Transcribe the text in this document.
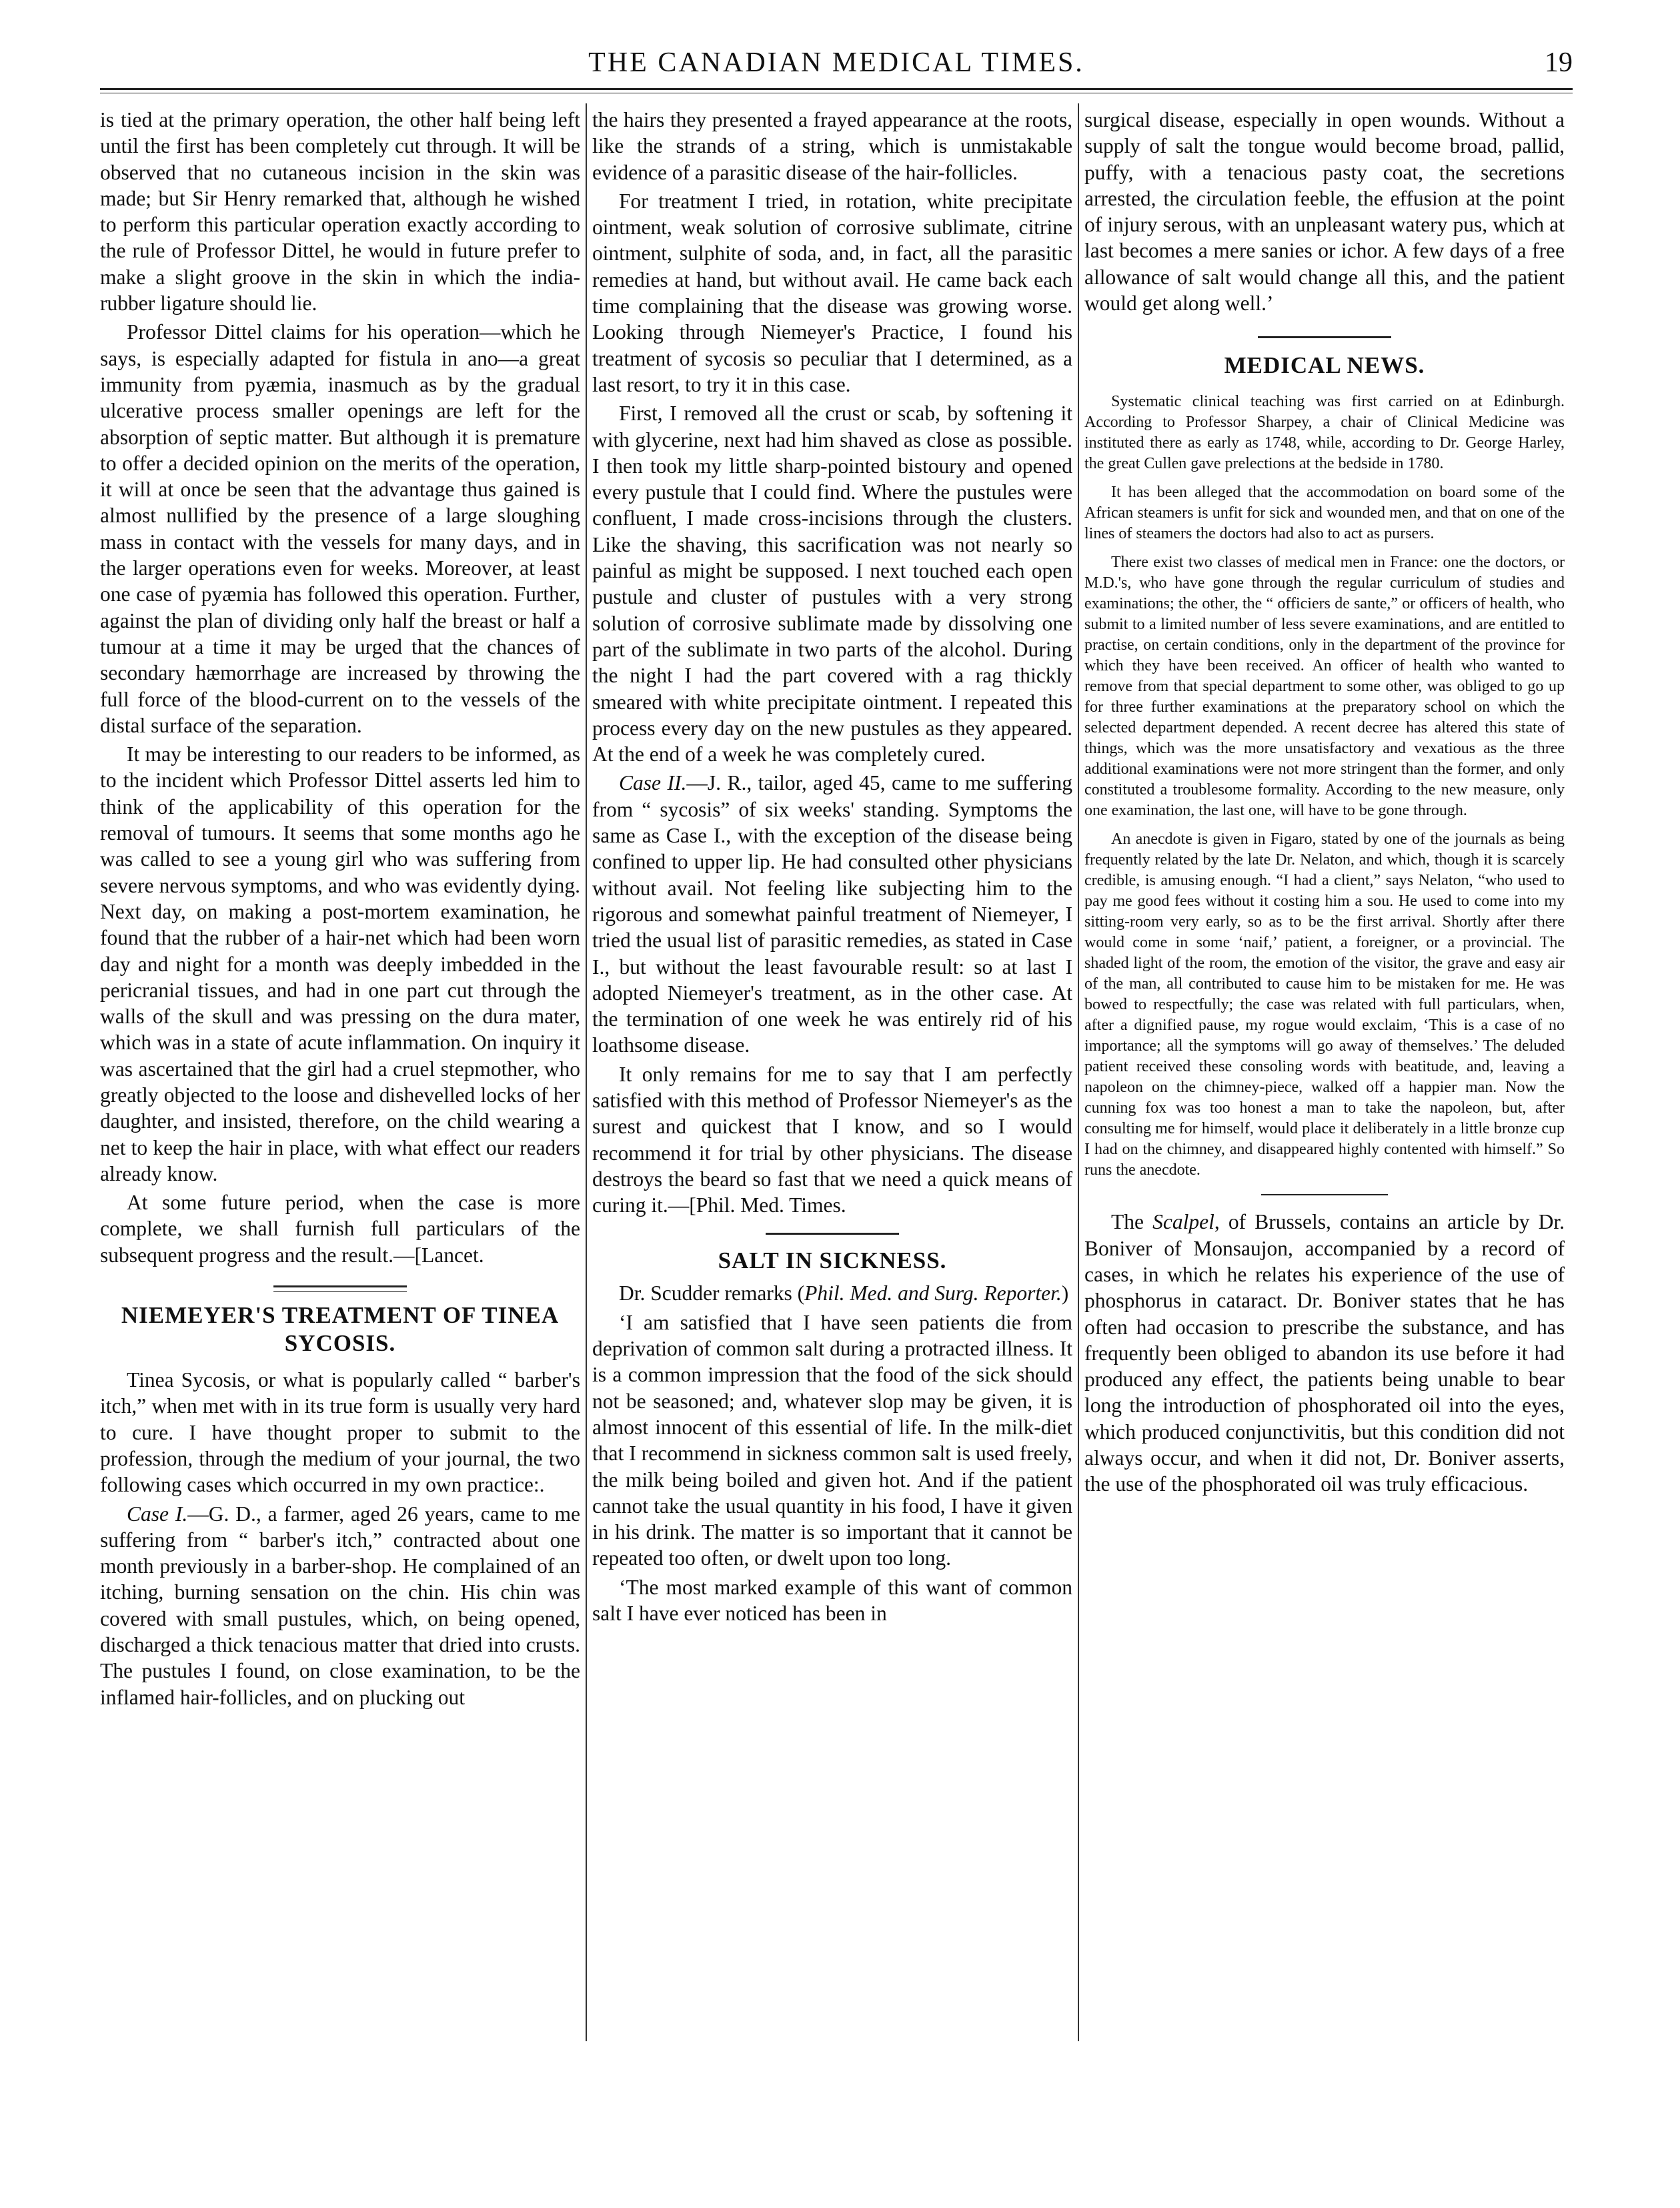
THE CANADIAN MEDICAL TIMES.	19

is tied at the primary operation, the other half being left until the first has been completely cut through. It will be observed that no cutaneous incision in the skin was made; but Sir Henry remarked that, although he wished to perform this particular operation exactly according to the rule of Professor Dittel, he would in future prefer to make a slight groove in the skin in which the india-rubber ligature should lie.

Professor Dittel claims for his operation—which he says, is especially adapted for fistula in ano—a great immunity from pyæmia, inasmuch as by the gradual ulcerative process smaller openings are left for the absorption of septic matter. But although it is premature to offer a decided opinion on the merits of the operation, it will at once be seen that the advantage thus gained is almost nullified by the presence of a large sloughing mass in contact with the vessels for many days, and in the larger operations even for weeks. Moreover, at least one case of pyæmia has followed this operation. Further, against the plan of dividing only half the breast or half a tumour at a time it may be urged that the chances of secondary hæmorrhage are increased by throwing the full force of the blood-current on to the vessels of the distal surface of the separation.

It may be interesting to our readers to be informed, as to the incident which Professor Dittel asserts led him to think of the applicability of this operation for the removal of tumours. It seems that some months ago he was called to see a young girl who was suffering from severe nervous symptoms, and who was evidently dying. Next day, on making a post-mortem examination, he found that the rubber of a hair-net which had been worn day and night for a month was deeply imbedded in the pericranial tissues, and had in one part cut through the walls of the skull and was pressing on the dura mater, which was in a state of acute inflammation. On inquiry it was ascertained that the girl had a cruel stepmother, who greatly objected to the loose and dishevelled locks of her daughter, and insisted, therefore, on the child wearing a net to keep the hair in place, with what effect our readers already know.

At some future period, when the case is more complete, we shall furnish full particulars of the subsequent progress and the result.—[Lancet.

NIEMEYER'S TREATMENT OF TINEA SYCOSIS.

Tinea Sycosis, or what is popularly called “ barber's itch,” when met with in its true form is usually very hard to cure. I have thought proper to submit to the profession, through the medium of your journal, the two following cases which occurred in my own practice:.

Case I.—G. D., a farmer, aged 26 years, came to me suffering from “ barber's itch,” contracted about one month previously in a barber-shop. He complained of an itching, burning sensation on the chin. His chin was covered with small pustules, which, on being opened, discharged a thick tenacious matter that dried into crusts. The pustules I found, on close examination, to be the inflamed hair-follicles, and on plucking out

the hairs they presented a frayed appearance at the roots, like the strands of a string, which is unmistakable evidence of a parasitic disease of the hair-follicles.

For treatment I tried, in rotation, white precipitate ointment, weak solution of corrosive sublimate, citrine ointment, sulphite of soda, and, in fact, all the parasitic remedies at hand, but without avail. He came back each time complaining that the disease was growing worse. Looking through Niemeyer's Practice, I found his treatment of sycosis so peculiar that I determined, as a last resort, to try it in this case.

First, I removed all the crust or scab, by softening it with glycerine, next had him shaved as close as possible. I then took my little sharp-pointed bistoury and opened every pustule that I could find. Where the pustules were confluent, I made cross-incisions through the clusters. Like the shaving, this sacrification was not nearly so painful as might be supposed. I next touched each open pustule and cluster of pustules with a very strong solution of corrosive sublimate made by dissolving one part of the sublimate in two parts of the alcohol. During the night I had the part covered with a rag thickly smeared with white precipitate ointment. I repeated this process every day on the new pustules as they appeared. At the end of a week he was completely cured.

Case II.—J. R., tailor, aged 45, came to me suffering from “ sycosis” of six weeks' standing. Symptoms the same as Case I., with the exception of the disease being confined to upper lip. He had consulted other physicians without avail. Not feeling like subjecting him to the rigorous and somewhat painful treatment of Niemeyer, I tried the usual list of parasitic remedies, as stated in Case I., but without the least favourable result: so at last I adopted Niemeyer's treatment, as in the other case. At the termination of one week he was entirely rid of his loathsome disease.

It only remains for me to say that I am perfectly satisfied with this method of Professor Niemeyer's as the surest and quickest that I know, and so I would recommend it for trial by other physicians. The disease destroys the beard so fast that we need a quick means of curing it.—[Phil. Med. Times.

SALT IN SICKNESS.

Dr. Scudder remarks (Phil. Med. and Surg. Reporter.)

‘I am satisfied that I have seen patients die from deprivation of common salt during a protracted illness. It is a common impression that the food of the sick should not be seasoned; and, whatever slop may be given, it is almost innocent of this essential of life. In the milk-diet that I recommend in sickness common salt is used freely, the milk being boiled and given hot. And if the patient cannot take the usual quantity in his food, I have it given in his drink. The matter is so important that it cannot be repeated too often, or dwelt upon too long.

‘The most marked example of this want of common salt I have ever noticed has been in

surgical disease, especially in open wounds. Without a supply of salt the tongue would become broad, pallid, puffy, with a tenacious pasty coat, the secretions arrested, the circulation feeble, the effusion at the point of injury serous, with an unpleasant watery pus, which at last becomes a mere sanies or ichor. A few days of a free allowance of salt would change all this, and the patient would get along well.’

MEDICAL NEWS.

Systematic clinical teaching was first carried on at Edinburgh. According to Professor Sharpey, a chair of Clinical Medicine was instituted there as early as 1748, while, according to Dr. George Harley, the great Cullen gave prelections at the bedside in 1780.

It has been alleged that the accommodation on board some of the African steamers is unfit for sick and wounded men, and that on one of the lines of steamers the doctors had also to act as pursers.

There exist two classes of medical men in France: one the doctors, or M.D.'s, who have gone through the regular curriculum of studies and examinations; the other, the “ officiers de sante,” or officers of health, who submit to a limited number of less severe examinations, and are entitled to practise, on certain conditions, only in the department of the province for which they have been received. An officer of health who wanted to remove from that special department to some other, was obliged to go up for three further examinations at the preparatory school on which the selected department depended. A recent decree has altered this state of things, which was the more unsatisfactory and vexatious as the three additional examinations were not more stringent than the former, and only constituted a troublesome formality. According to the new measure, only one examination, the last one, will have to be gone through.

An anecdote is given in Figaro, stated by one of the journals as being frequently related by the late Dr. Nelaton, and which, though it is scarcely credible, is amusing enough. “I had a client,” says Nelaton, “who used to pay me good fees without it costing him a sou. He used to come into my sitting-room very early, so as to be the first arrival. Shortly after there would come in some ‘naif,’ patient, a foreigner, or a provincial. The shaded light of the room, the emotion of the visitor, the grave and easy air of the man, all contributed to cause him to be mistaken for me. He was bowed to respectfully; the case was related with full particulars, when, after a dignified pause, my rogue would exclaim, ‘This is a case of no importance; all the symptoms will go away of themselves.’ The deluded patient received these consoling words with beatitude, and, leaving a napoleon on the chimney-piece, walked off a happier man. Now the cunning fox was too honest a man to take the napoleon, but, after consulting me for himself, would place it deliberately in a little bronze cup I had on the chimney, and disappeared highly contented with himself.” So runs the anecdote.

The Scalpel, of Brussels, contains an article by Dr. Boniver of Monsaujon, accompanied by a record of cases, in which he relates his experience of the use of phosphorus in cataract. Dr. Boniver states that he has often had occasion to prescribe the substance, and has frequently been obliged to abandon its use before it had produced any effect, the patients being unable to bear long the introduction of phosphorated oil into the eyes, which produced conjunctivitis, but this condition did not always occur, and when it did not, Dr. Boniver asserts, the use of the phosphorated oil was truly efficacious.
